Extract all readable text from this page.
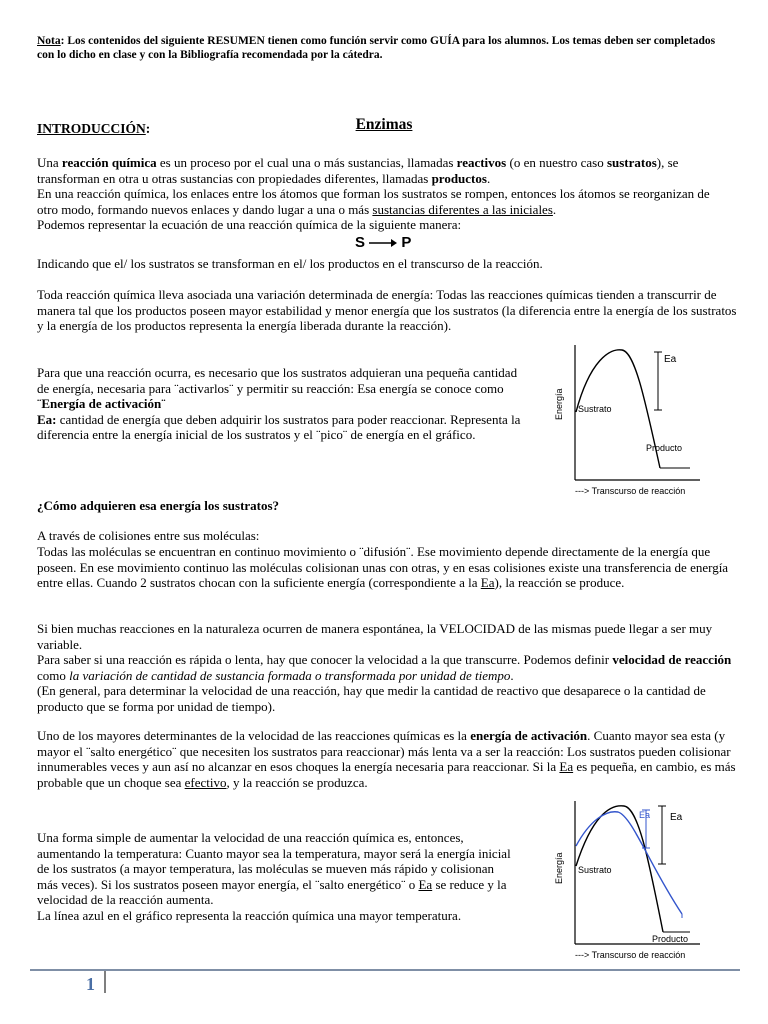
Nota: Los contenidos del siguiente RESUMEN tienen como función servir como GUÍA para los alumnos. Los temas deben ser completados con lo dicho en clase y con la Bibliografía recomendada por la cátedra.
Enzimas
INTRODUCCIÓN:
Una reacción química es un proceso por el cual una o más sustancias, llamadas reactivos (o en nuestro caso sustratos), se transforman en otra u otras sustancias con propiedades diferentes, llamadas productos.
En una reacción química, los enlaces entre los átomos que forman los sustratos se rompen, entonces los átomos se reorganizan de otro modo, formando nuevos enlaces y dando lugar a una o más sustancias diferentes a las iniciales.
Podemos representar la ecuación de una reacción química de la siguiente manera:
S P
Indicando que el/ los sustratos se transforman en el/ los productos en el transcurso de la reacción.
Toda reacción química lleva asociada una variación determinada de energía: Todas las reacciones químicas tienden a transcurrir de manera tal que los productos poseen mayor estabilidad y menor energía que los sustratos (la diferencia entre la energía de los sustratos y la energía de los productos representa la energía liberada durante la reacción).
Para que una reacción ocurra, es necesario que los sustratos adquieran una pequeña cantidad de energía, necesaria para ¨activarlos¨ y permitir su reacción: Esa energía se conoce como ¨Energía de activación¨
Ea: cantidad de energía que deben adquirir los sustratos para poder reaccionar. Representa la diferencia entre la energía inicial de los sustratos y el ¨pico¨ de energía en el gráfico.
Ea
Sustrato
Producto
Energía
---> Transcurso de reacción
¿Cómo adquieren esa energía los sustratos?
A través de colisiones entre sus moléculas:
Todas las moléculas se encuentran en continuo movimiento o ¨difusión¨. Ese movimiento depende directamente de la energía que poseen. En ese movimiento continuo las moléculas colisionan unas con otras, y en esas colisiones existe una transferencia de energía entre ellas. Cuando 2 sustratos chocan con la suficiente energía (correspondiente a la Ea), la reacción se produce.
Si bien muchas reacciones en la naturaleza ocurren de manera espontánea, la VELOCIDAD de las mismas puede llegar a ser muy variable.
Para saber si una reacción es rápida o lenta, hay que conocer la velocidad a la que transcurre. Podemos definir velocidad de reacción como la variación de cantidad de sustancia formada o transformada por unidad de tiempo.
(En general, para determinar la velocidad de una reacción, hay que medir la cantidad de reactivo que desaparece o la cantidad de producto que se forma por unidad de tiempo).
Uno de los mayores determinantes de la velocidad de las reacciones químicas es la energía de activación. Cuanto mayor sea esta (y mayor el ¨salto energético¨ que necesiten los sustratos para reaccionar) más lenta va a ser la reacción: Los sustratos pueden colisionar innumerables veces y aun así no alcanzar en esos choques la energía necesaria para reaccionar. Si la Ea es pequeña, en cambio, es más probable que un choque sea efectivo, y la reacción se produzca.
Una forma simple de aumentar la velocidad de una reacción química es, entonces, aumentando la temperatura: Cuanto mayor sea la temperatura, mayor será la energía inicial de los sustratos (a mayor temperatura, las moléculas se mueven más rápido y colisionan más veces). Si los sustratos poseen mayor energía, el ¨salto energético¨ o Ea se reduce y la velocidad de la reacción aumenta.
La línea azul en el gráfico representa la reacción química una mayor temperatura.
Ea Ea
Sustrato
Producto
Energía
---> Transcurso de reacción
1
